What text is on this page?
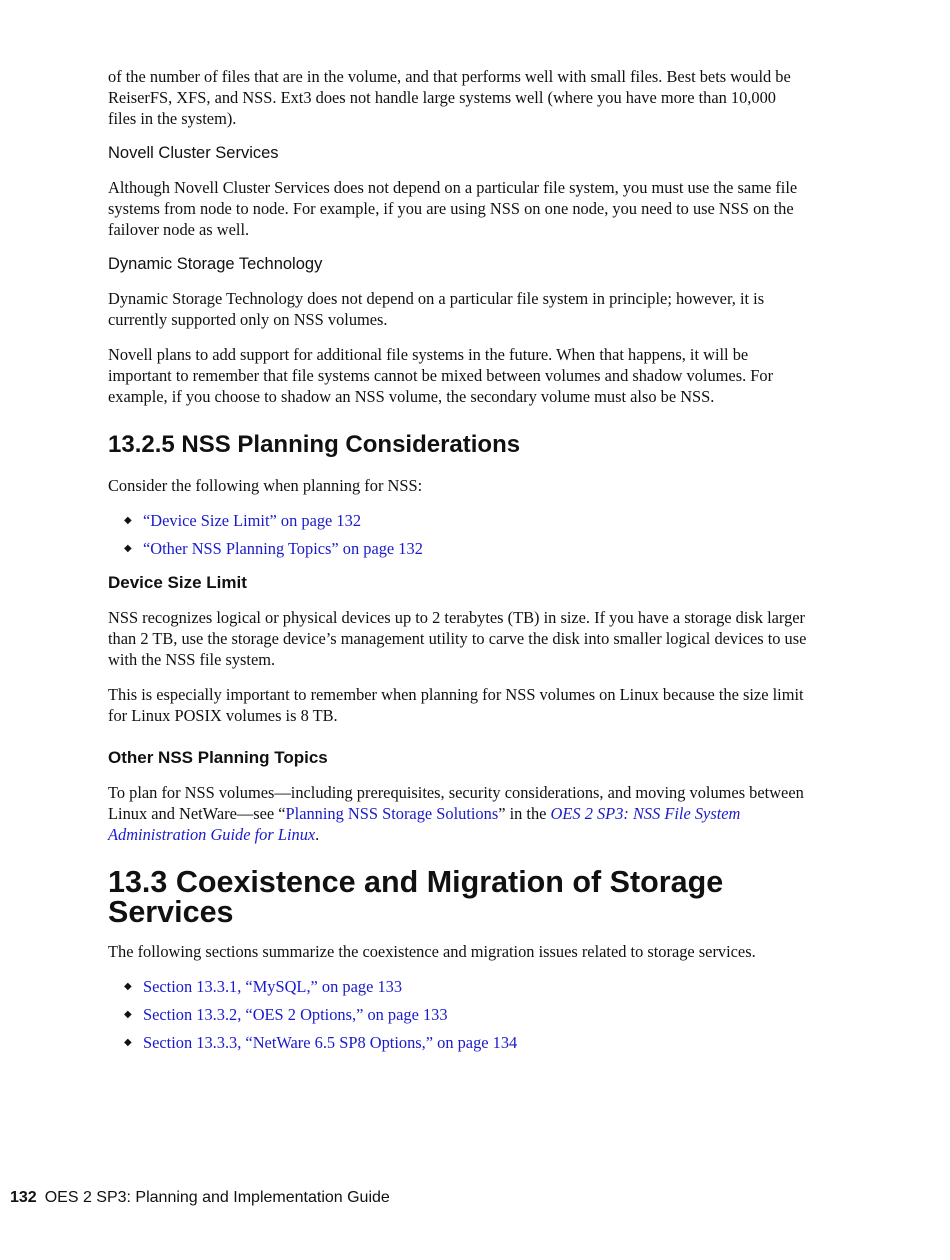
of the number of files that are in the volume, and that performs well with small files. Best bets would be ReiserFS, XFS, and NSS. Ext3 does not handle large systems well (where you have more than 10,000 files in the system).

Novell Cluster Services

Although Novell Cluster Services does not depend on a particular file system, you must use the same file systems from node to node. For example, if you are using NSS on one node, you need to use NSS on the failover node as well.

Dynamic Storage Technology

Dynamic Storage Technology does not depend on a particular file system in principle; however, it is currently supported only on NSS volumes.

Novell plans to add support for additional file systems in the future. When that happens, it will be important to remember that file systems cannot be mixed between volumes and shadow volumes. For example, if you choose to shadow an NSS volume, the secondary volume must also be NSS.

13.2.5 NSS Planning Considerations

Consider the following when planning for NSS:

◆ “Device Size Limit” on page 132
◆ “Other NSS Planning Topics” on page 132
Device Size Limit

NSS recognizes logical or physical devices up to 2 terabytes (TB) in size. If you have a storage disk larger than 2 TB, use the storage device’s management utility to carve the disk into smaller logical devices to use with the NSS file system.

This is especially important to remember when planning for NSS volumes on Linux because the size limit for Linux POSIX volumes is 8 TB.

Other NSS Planning Topics

To plan for NSS volumes—including prerequisites, security considerations, and moving volumes between Linux and NetWare—see “Planning NSS Storage Solutions” in the OES 2 SP3: NSS File System Administration Guide for Linux.

13.3 Coexistence and Migration of Storage Services

The following sections summarize the coexistence and migration issues related to storage services.

◆ Section 13.3.1, “MySQL,” on page 133
◆ Section 13.3.2, “OES 2 Options,” on page 133
◆ Section 13.3.3, “NetWare 6.5 SP8 Options,” on page 134
132 OES 2 SP3: Planning and Implementation Guide
